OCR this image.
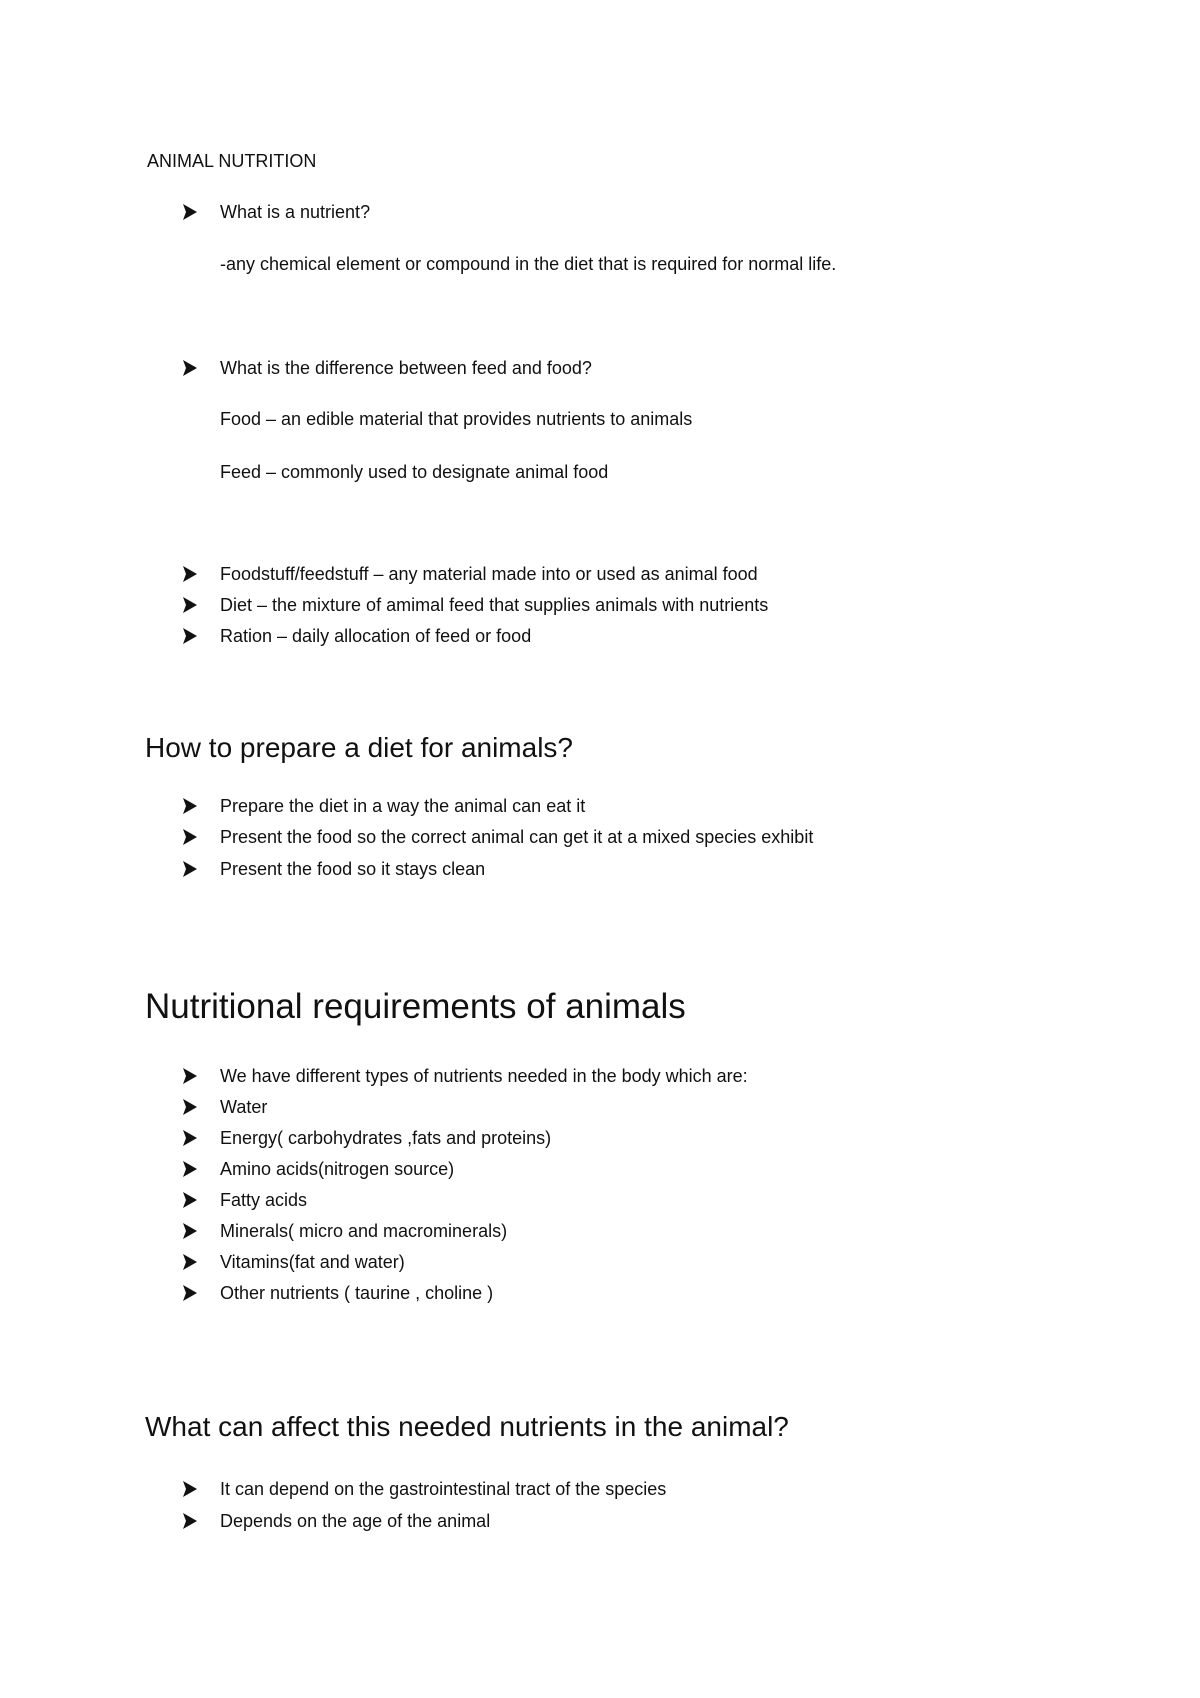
ANIMAL NUTRITION
What is a nutrient?
-any chemical element or compound in the diet that is required for normal life.
What is the difference between feed and food?
Food – an edible material that provides nutrients to animals
Feed – commonly used to designate animal food
Foodstuff/feedstuff – any material made into or used as animal food
Diet – the mixture of amimal feed that supplies animals with nutrients
Ration – daily allocation of feed or food
How to prepare a diet for animals?
Prepare the diet in a way the animal can eat it
Present the food so the correct animal can get it at a mixed species exhibit
Present the food so it stays clean
Nutritional requirements of animals
We have different types of nutrients needed in the body which are:
Water
Energy( carbohydrates ,fats and proteins)
Amino acids(nitrogen source)
Fatty acids
Minerals( micro and macrominerals)
Vitamins(fat and water)
Other nutrients ( taurine , choline )
What can affect this needed nutrients in the animal?
It can depend on the gastrointestinal tract of the species
Depends on the age of the animal
